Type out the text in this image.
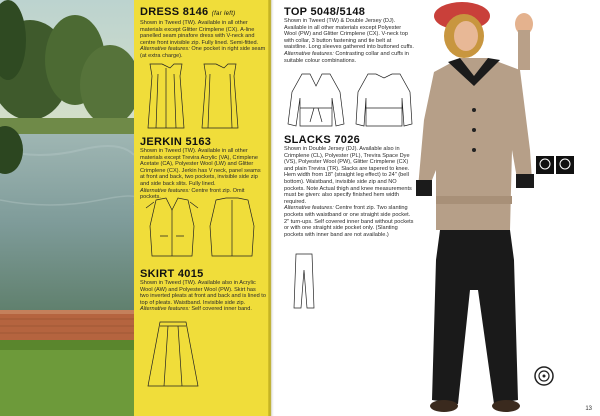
DRESS 8146 (far left)
Shown in Tweed (TW). Available in all other materials except Glitter Crimplene (CX). A-line panelled seam pinafore dress with V-neck and centre front invisible zip. Fully lined. Semi-fitted.
Alternative features: One pocket in right side seam (at extra charge).
JERKIN 5163
Shown in Tweed (TW). Available in all other materials except Trevira Acrylic (VA), Crimplene Acetate (CA), Polyester Wool (LW) and Glitter Crimplene (CX). Jerkin has V neck, panel seams at front and back, two pockets, invisible side zip and side back slits. Fully lined.
Alternative features: Centre front zip. Omit pockets.
SKIRT 4015
Shown in Tweed (TW). Available also in Acrylic Wool (AW) and Polyester Wool (PW). Skirt has two inverted pleats at front and back and is lined to top of pleats. Waistband. Invisible side zip.
Alternative features: Self covered inner band.
TOP 5048/5148
Shown in Tweed (TW) & Double Jersey (DJ). Available in all other materials except Polyester Wool (PW) and Glitter Crimplene (CX). V-neck top with collar, 3 button fastening and tie belt at waistline. Long sleeves gathered into buttoned cuffs.
Alternative features: Contrasting collar and cuffs in suitable colour combinations.
SLACKS 7026
Shown in Double Jersey (DJ). Available also in Crimplene (CL), Polyester (PL), Trevira Space Dye (VS), Polyester Wool (PW), Glitter Crimplene (CX) and plain Trevira (TR). Slacks are tapered to knee. Hem width from 18" (straight leg effect) to 24" (bell bottom). Waistband, invisible side zip and NO pockets. Note Actual thigh and knee measurements must be given: also specify finished hem width required.
Alternative features: Centre front zip. Two slanting pockets with waistband or one straight side pocket. 2" turn-ups. Self covered inner band without pockets or with one straight side pocket only. (Slanting pockets with inner band are not available.)
13
